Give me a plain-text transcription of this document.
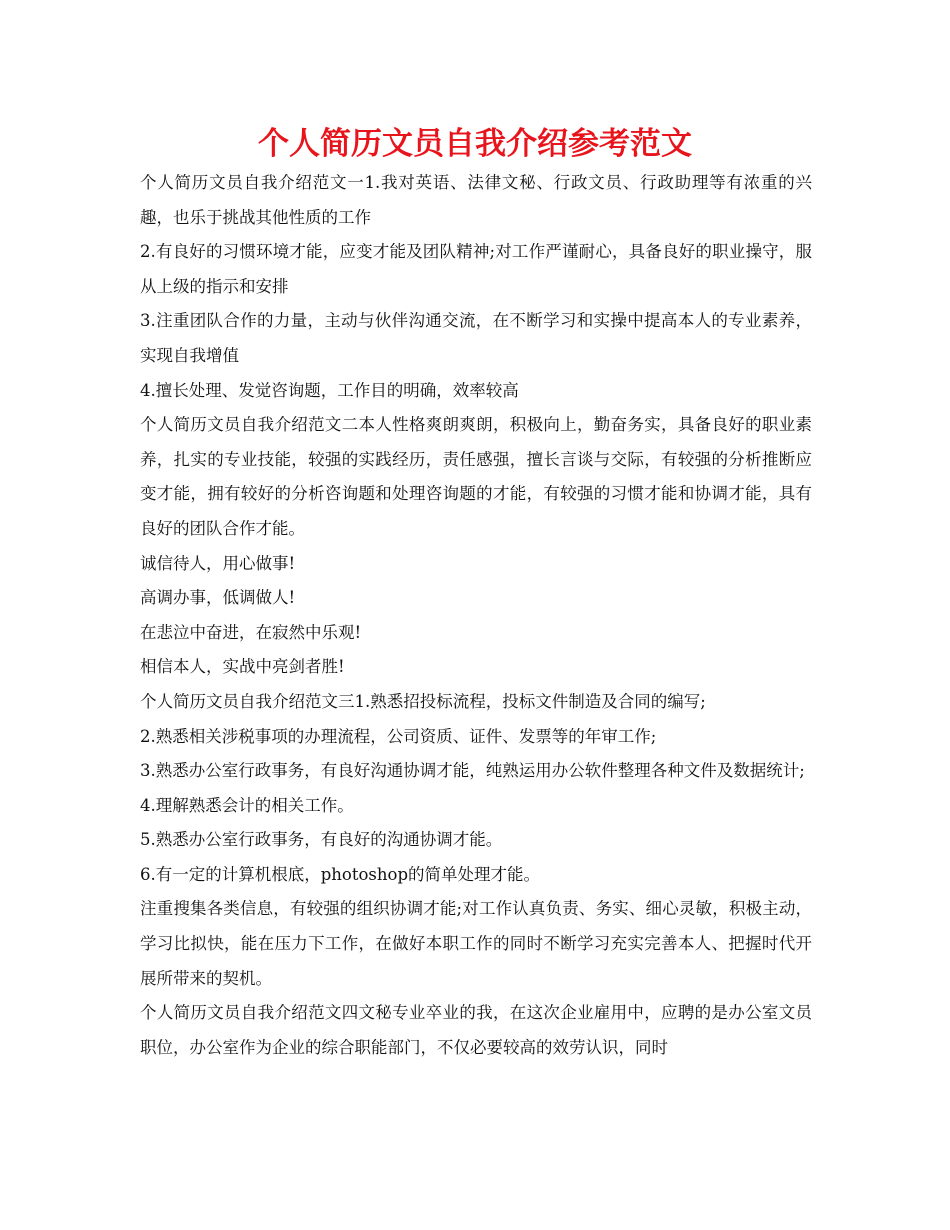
个人简历文员自我介绍参考范文

个人简历文员自我介绍范文一1.我对英语、法律文秘、行政文员、行政助理等有浓重的兴趣，也乐于挑战其他性质的工作

2.有良好的习惯环境才能，应变才能及团队精神;对工作严谨耐心，具备良好的职业操守，服从上级的指示和安排

3.注重团队合作的力量，主动与伙伴沟通交流，在不断学习和实操中提高本人的专业素养，实现自我增值

4.擅长处理、发觉咨询题，工作目的明确，效率较高

个人简历文员自我介绍范文二本人性格爽朗爽朗，积极向上，勤奋务实，具备良好的职业素养，扎实的专业技能，较强的实践经历，责任感强，擅长言谈与交际，有较强的分析推断应变才能，拥有较好的分析咨询题和处理咨询题的才能，有较强的习惯才能和协调才能，具有良好的团队合作才能。

诚信待人，用心做事!

高调办事，低调做人!

在悲泣中奋进，在寂然中乐观!

相信本人，实战中亮剑者胜!

个人简历文员自我介绍范文三1.熟悉招投标流程，投标文件制造及合同的编写;

2.熟悉相关涉税事项的办理流程，公司资质、证件、发票等的年审工作;

3.熟悉办公室行政事务，有良好沟通协调才能，纯熟运用办公软件整理各种文件及数据统计;

4.理解熟悉会计的相关工作。

5.熟悉办公室行政事务，有良好的沟通协调才能。

6.有一定的计算机根底，photoshop的简单处理才能。

注重搜集各类信息，有较强的组织协调才能;对工作认真负责、务实、细心灵敏，积极主动，学习比拟快，能在压力下工作，在做好本职工作的同时不断学习充实完善本人、把握时代开展所带来的契机。

个人简历文员自我介绍范文四文秘专业卒业的我，在这次企业雇用中，应聘的是办公室文员职位，办公室作为企业的综合职能部门，不仅必要较高的效劳认识，同时
